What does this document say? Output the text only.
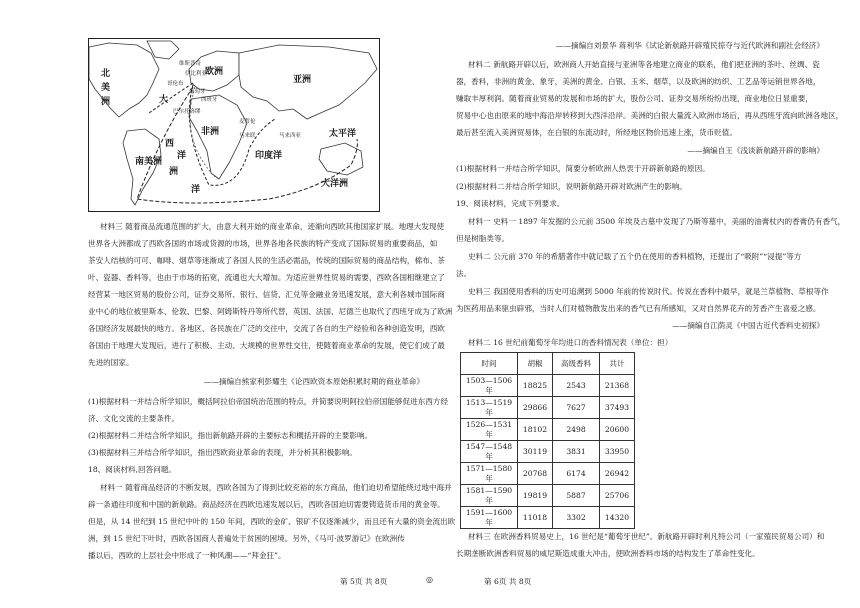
北
美
洲	大
西
洋
欧洲
亚洲
太平洋
南美洲
印度洋
大洋洲
非洲
洲
洋
哥伦布
葡萄牙
西班牙
维斯普奇
巴尔托洛缪
麦哲伦
马来联	马来西亚
伊比利亚
材料三 随着商品流通范围的扩大，由意大利开始的商业革命，迹渐向西欧其他国家扩展。地理大发现使
世界各大洲都成了西欧各国的市场或货源的市场，世界各地各民族的特产变成了国际贸易的重要商品，如
茶安人结核的可可、咖啡、烟草等迷渐成了各国人民的生活必需品，传统的国际贸易的商品结构，棉布、茶
叶、瓷器、香料等，也由于市场的拓宽，流通也大大增加。为适应世界性贸易的需要，西欧各国相继建立了
经营某一地区贸易的股份公司，证券交易所、银行、信贷、汇兑等金融业务迅速发展，意大利各城市国际商
业中心的地位被里斯本、伦敦、巴黎、阿姆斯特丹等所代替，英国、法国、尼德兰也取代了西班牙成为了欧洲
各国经济发展最快的地方。各地区、各民族在广泛的交往中，交流了各自的生产经验和各种创造发明，西欧
各国由于地理大发现后，进行了积极、主动、大规模的世界性交往，使随着商业革命的发展，使它们成了最
先进的国家。
——摘编自熊家利彭耀生《论西欧资本原始积累时期的商业革命》
(1)根据材料一并结合所学知识，概括阿拉伯帝国统治范围的特点，并简要说明阿拉伯帝国能够促进东西方经
济、文化交流的主要条件。
(2)根据材料二并结合所学知识，指出新航路开辟的主要标志和概括开辟的主要影响。
(3)根据材料三并结合所学知识，指出西欧商业革命的表现，并分析其积极影响。
18、阅读材料,回答问题。
材料一 随着商品经济的不断发展，西欧各国为了得到比较充裕的东方商品，他们迫切希望能绕过地中海并
辟一条通往印度和中国的新航路。商品经济在西欧迅速发展以后，西欧各国迫切需要铸造货币用的黄金等。
但是，从 14 世纪到 15 世纪中叶的 150 年间，西欧的金矿、银矿不仅逐渐减少，而且还有大量的资金流出欧
洲，到 15 世纪下叶时，西欧各国商人普遍处于贫困的困境。另外，《马可·波罗游记》在欧洲传
播以后，西欧的上层社会中形成了一种风潮——“拜金狂”。
——摘编自刘景华 蒋利华《试论新航路开辟殖民掠夺与近代欧洲和副社会经济》
材料二 新航路开辟以后，欧洲商人开始直接与亚洲等各地建立商业的联系，他们把亚洲的茶叶、丝绸、瓷
器，香料，非洲的黄金、象牙，美洲的黄金、白银、玉米、烟草，以及欧洲的纺织、工艺品等运销世界各地，
赚取丰厚利润。随着商业贸易的发展和市场的扩大，股份公司、证券交易所纷纷出现，商业地位日显重要，
贸易中心也由原来的地中海沿岸转移到大西洋沿岸。美洲的白银大量流入欧洲市场后，再从西班牙流向欧洲各地区，
最后甚至流入美洲贸易体，在白银的东流动时，所经地区物价迅速上涨，货币贬值。
——摘编自王《浅谈新航路开辟的影响》
(1)根据材料一并结合所学知识，简要分析欧洲人热衷于开辟新航路的原因。
(2)根据材料二并结合所学知识，说明新航路开辟对欧洲产生的影响。
19、阅读材料，完成下列要求。
材料一 史料一 1897 年发掘的公元前 3500 年埃及古墓中发现了乃斯等墓中，美丽的油膏杖内的香膏仍有香气，
但是树脂类等。
史料二 公元前 370 年的希腊著作中就记载了五个仍在使用的香料植物，还提出了“吸附”“浸提”等方
法。
史料三 我国使用香料的历史可追溯到 5000 年前的传说时代。传说在香料中最早，就是兰草植物、草根等作
为医药用品来驱虫辟邪，当时人们对植物散发出来的香气已有所感知，又对自然界花卉的芳香产生喜爱之感。
——摘编自江荫灵《中国古近代香料史初探》
材料二 16 世纪前葡萄牙年均进口的香料情况表（单位：担）
时间	胡椒	高级香料	共计
1503—1506 年	18825	2543	21368
1513—1519 年	29866	7627	37493
1526—1531 年	18102	2498	20600
1547—1548 年	30119	3831	33950
1571—1580 年	20768	6174	26942
1581—1590 年	19819	5887	25706
1591—1600 年	11018	3302	14320
材料三 在欧洲香料贸易史上，16 世纪是“葡萄牙世纪”。新航路开辟时利凡特公司（一家殖民贸易公司）和
长期垄断欧洲香料贸易的威尼斯造成重大冲击，使欧洲香料市场的结构发生了革命性变化。
第 5页 共 8页	◎	第 6页 共 8页
